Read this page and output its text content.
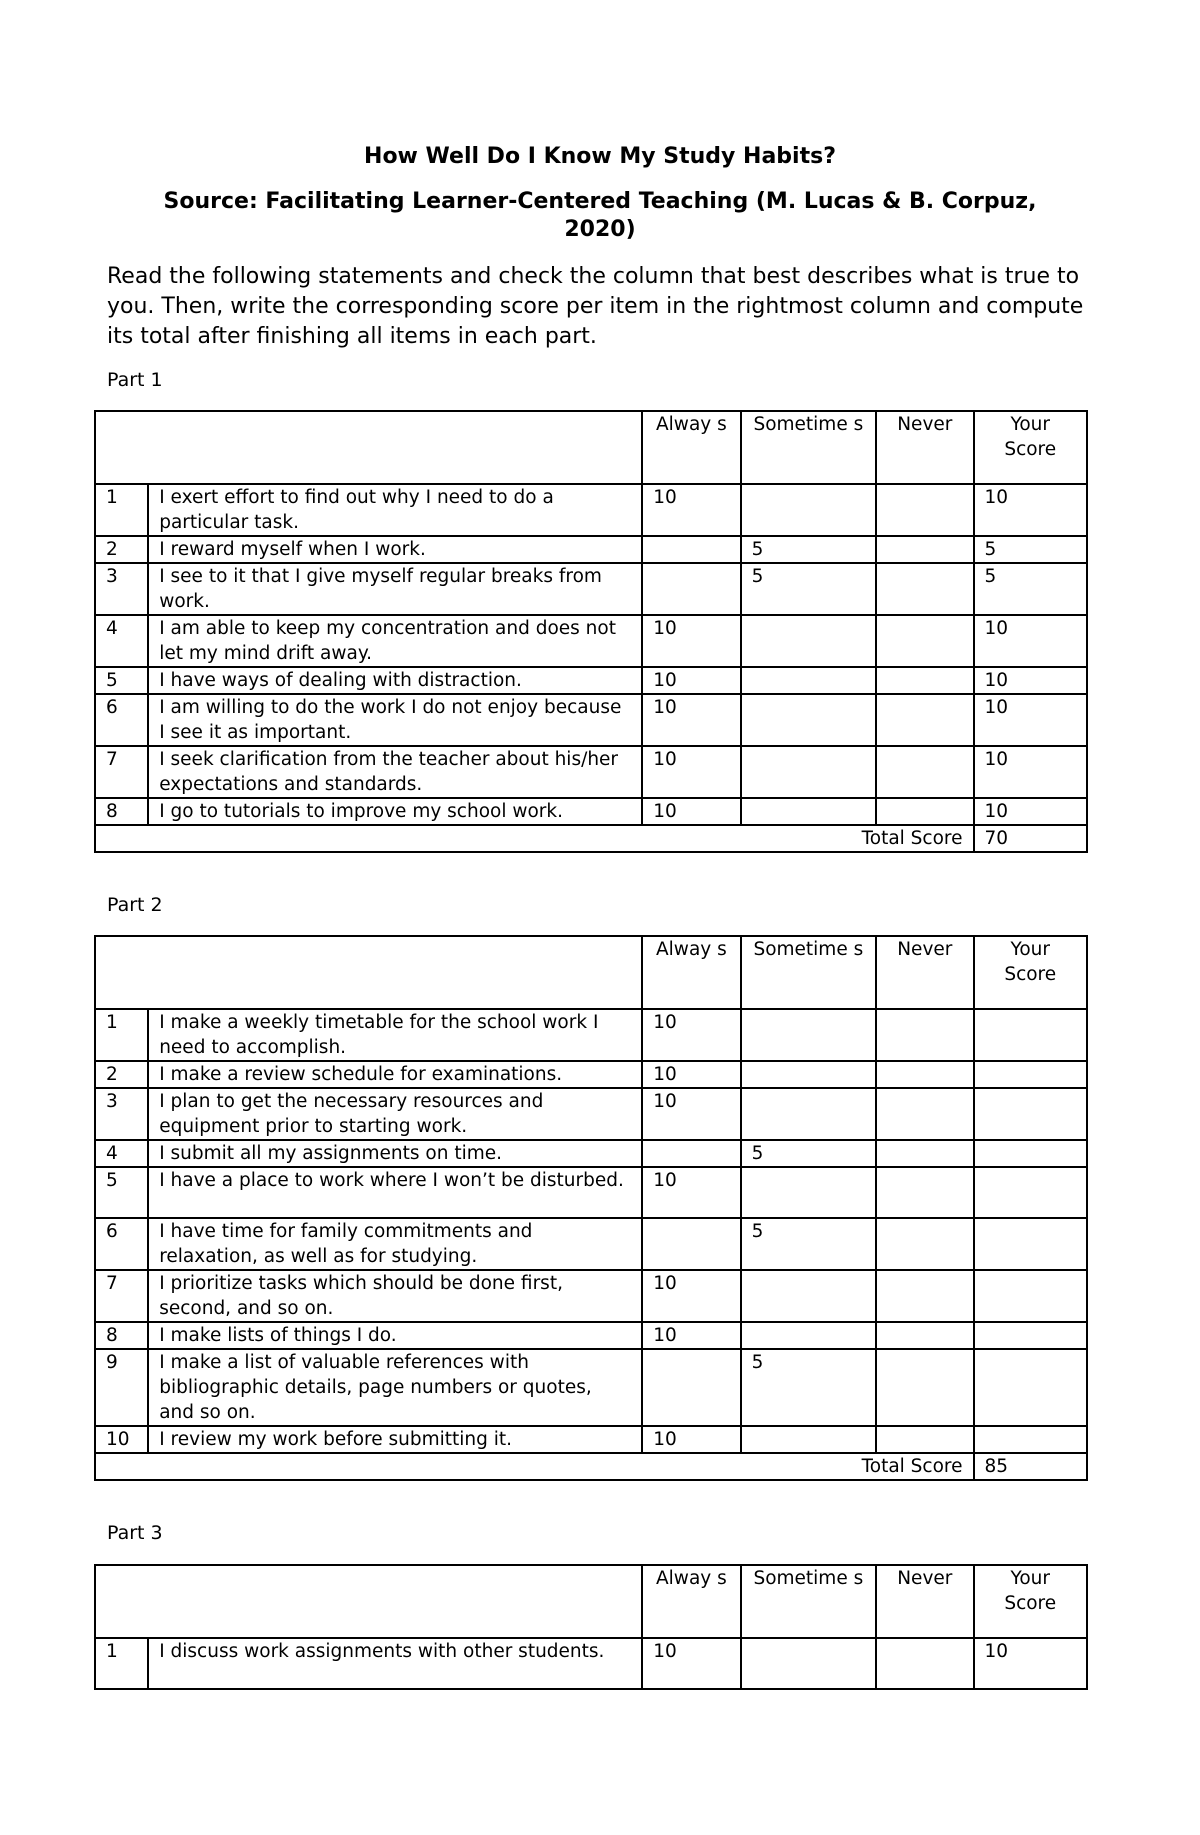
How Well Do I Know My Study Habits?

Source: Facilitating Learner-Centered Teaching (M. Lucas & B. Corpuz, 2020)

Read the following statements and check the column that best describes what is true to you. Then, write the corresponding score per item in the rightmost column and compute its total after finishing all items in each part.

Part 1

		Alway s	Sometime s	Never	Your Score
1	I exert effort to find out why I need to do a particular task.	10			10
2	I reward myself when I work.		5		5
3	I see to it that I give myself regular breaks from work.		5		5
4	I am able to keep my concentration and does not let my mind drift away.	10			10
5	I have ways of dealing with distraction.	10			10
6	I am willing to do the work I do not enjoy because I see it as important.	10			10
7	I seek clarification from the teacher about his/her expectations and standards.	10			10
8	I go to tutorials to improve my school work.	10			10
Total Score					70

Part 2

		Alway s	Sometime s	Never	Your Score
1	I make a weekly timetable for the school work I need to accomplish.	10			
2	I make a review schedule for examinations.	10			
3	I plan to get the necessary resources and equipment prior to starting work.	10			
4	I submit all my assignments on time.		5		
5	I have a place to work where I won’t be disturbed.	10			
6	I have time for family commitments and relaxation, as well as for studying.		5		
7	I prioritize tasks which should be done first, second, and so on.	10			
8	I make lists of things I do.	10			
9	I make a list of valuable references with bibliographic details, page numbers or quotes, and so on.		5		
10	I review my work before submitting it.	10			
Total Score					85

Part 3

		Alway s	Sometime s	Never	Your Score
1	I discuss work assignments with other students.	10			10
